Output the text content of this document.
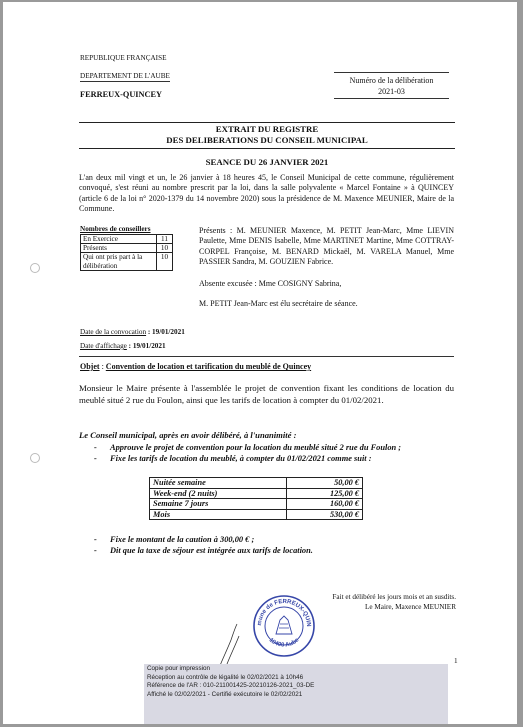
REPUBLIQUE FRANÇAISE
DEPARTEMENT DE L'AUBE
FERREUX-QUINCEY
Numéro de la délibération
2021-03
EXTRAIT DU REGISTRE
DES DELIBERATIONS DU CONSEIL MUNICIPAL
SEANCE DU 26 JANVIER 2021
L'an deux mil vingt et un, le 26 janvier à 18 heures 45, le Conseil Municipal de cette commune, régulièrement convoqué, s'est réuni au nombre prescrit par la loi, dans la salle polyvalente « Marcel Fontaine » à QUINCEY (article 6 de la loi n° 2020-1379 du 14 novembre 2020) sous la présidence de M. Maxence MEUNIER, Maire de la Commune.
Nombres de conseillers
En Exercice	11
Présents	10
Qui ont pris part à la délibération	10
Présents : M. MEUNIER Maxence, M. PETIT Jean-Marc, Mme LIEVIN Paulette, Mme DENIS Isabelle, Mme MARTINET Martine, Mme COTTRAY-CORPEL Françoise, M. BENARD Mickaël, M. VARELA Manuel, Mme PASSIER Sandra, M. GOUZIEN Fabrice.
Absente excusée : Mme COSIGNY Sabrina,
M. PETIT Jean-Marc est élu secrétaire de séance.
Date de la convocation : 19/01/2021
Date d'affichage : 19/01/2021
Objet : Convention de location et tarification du meublé de Quincey
Monsieur le Maire présente à l'assemblée le projet de convention fixant les conditions de location du meublé situé 2 rue du Foulon, ainsi que les tarifs de location à compter du 01/02/2021.
Le Conseil municipal, après en avoir délibéré, à l'unanimité :
- Approuve le projet de convention pour la location du meublé situé 2 rue du Foulon ;
- Fixe les tarifs de location du meublé, à compter du 01/02/2021 comme suit :
Nuitée semaine	50,00 €
Week-end (2 nuits)	125,00 €
Semaine 7 jours	160,00 €
Mois	530,00 €
- Fixe le montant de la caution à 300,00 € ;
- Dit que la taxe de séjour est intégrée aux tarifs de location.
Fait et délibéré les jours mois et an susdits.
Le Maire, Maxence MEUNIER
mune de FERREUX-QUIN
10400 Aube
1
Copie pour impression
Réception au contrôle de légalité le 02/02/2021 à 10h46
Référence de l'AR : 010-211001425-20210126-2021_03-DE
Affiché le 02/02/2021 - Certifié exécutoire le 02/02/2021
